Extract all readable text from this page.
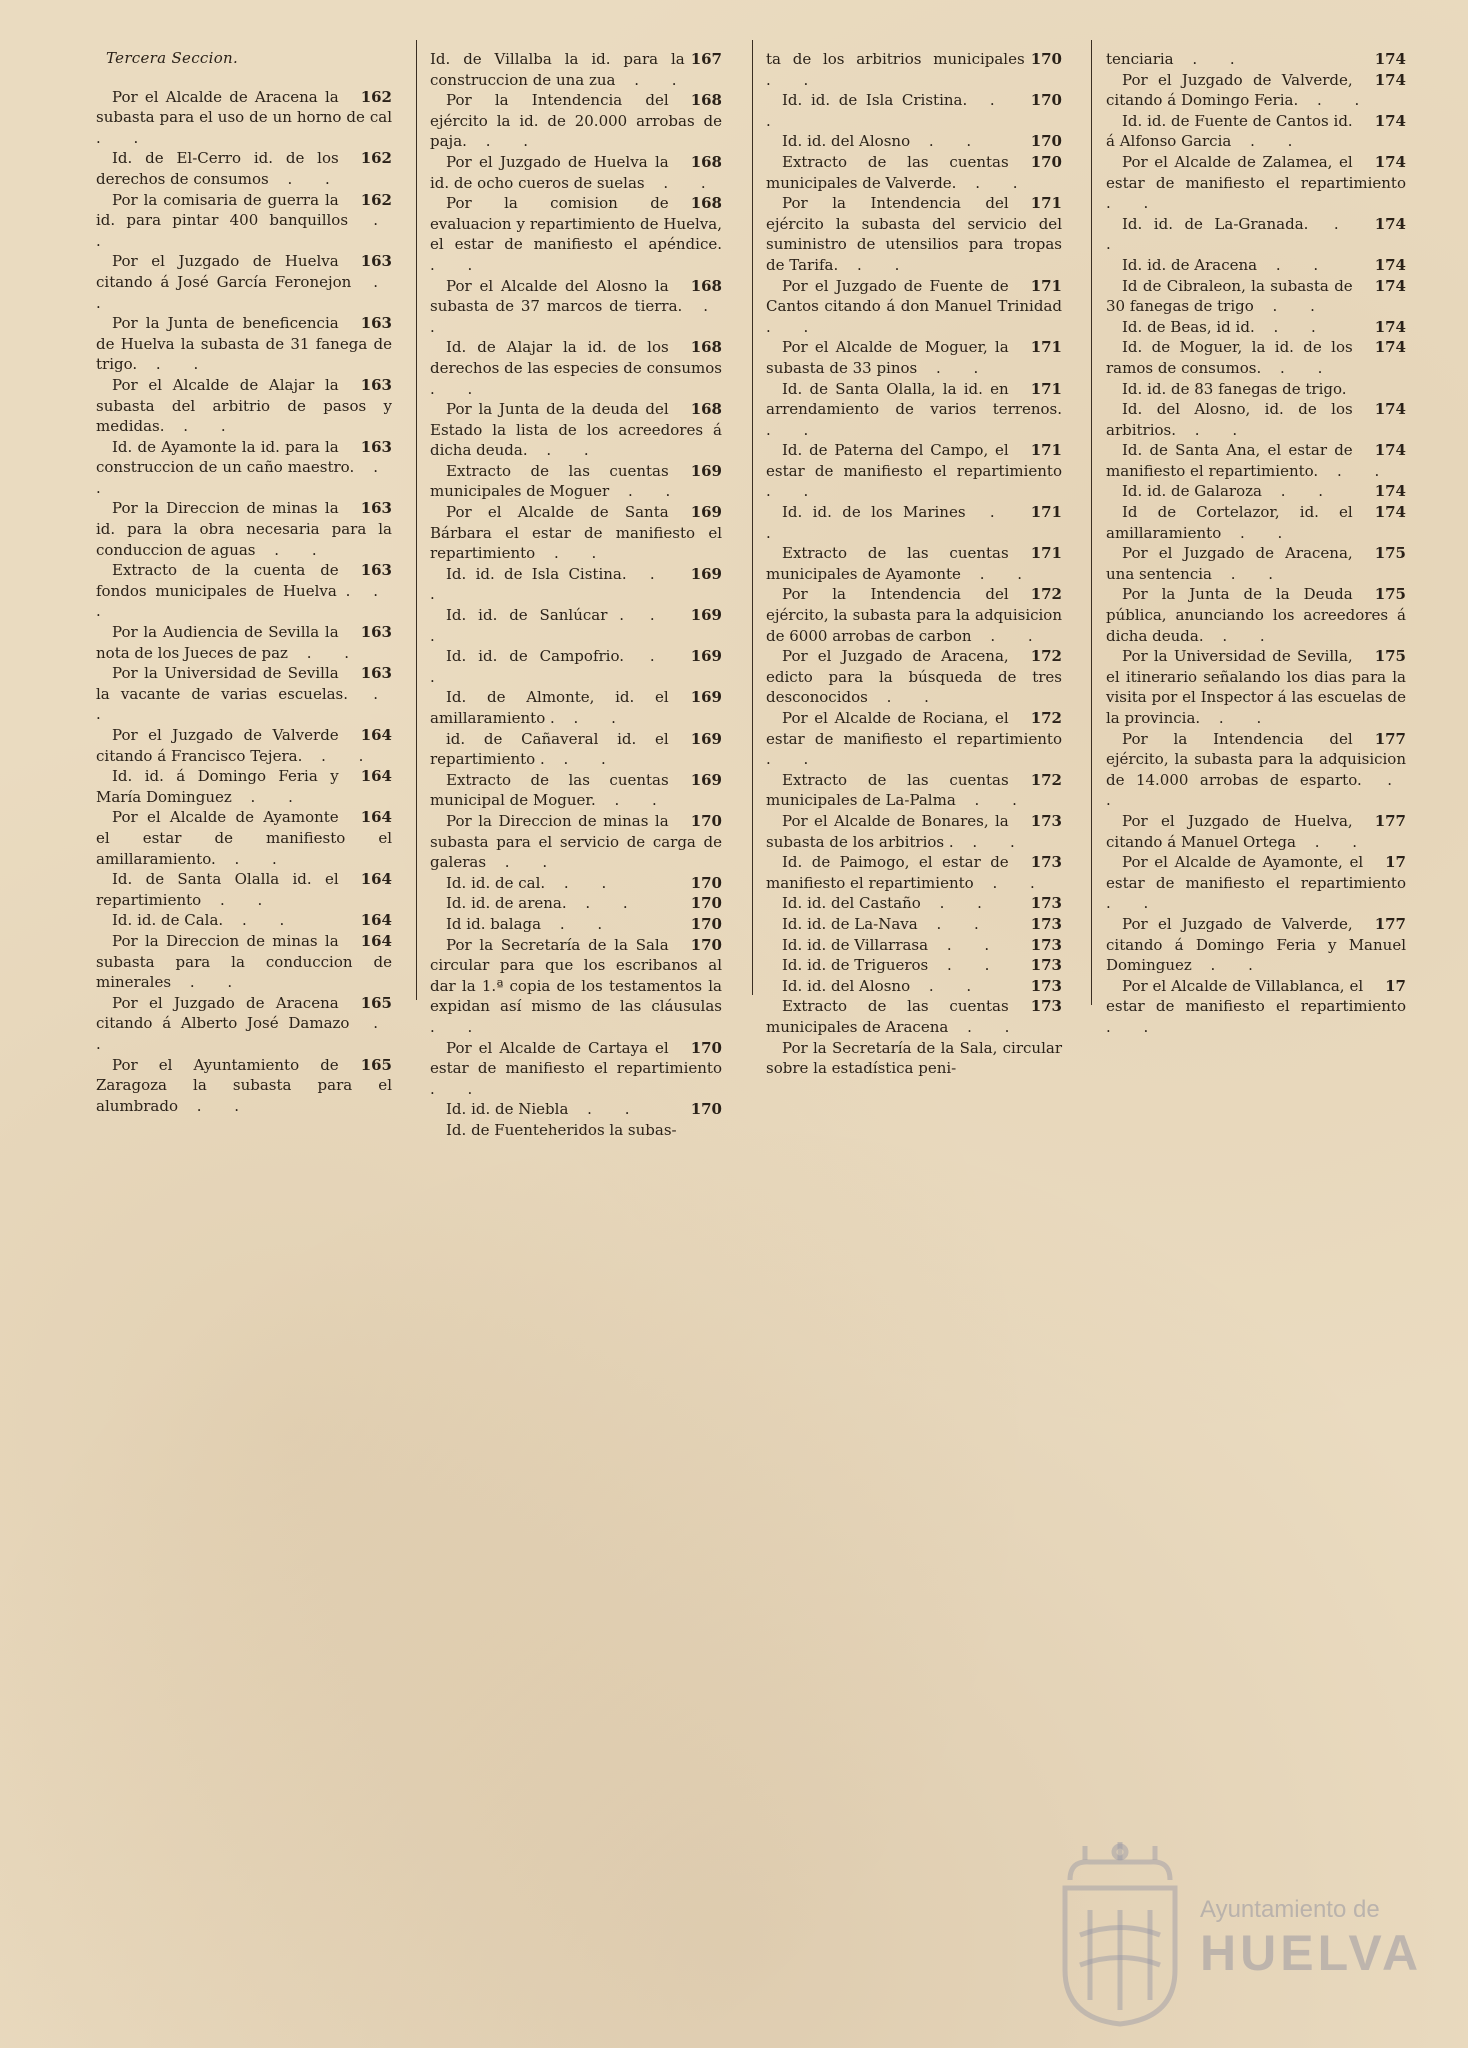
Tercera Seccion.

162
Por el Alcalde de Aracena la subasta para el uso de un horno de cal . .

162
Id. de El-Cerro id. de los derechos de consumos . .

162
Por la comisaria de guerra la id. para pintar 400 banquillos . .

163
Por el Juzgado de Huelva citando á José García Feronejon . .

163
Por la Junta de beneficencia de Huelva la subasta de 31 fanega de trigo. . .

163
Por el Alcalde de Alajar la subasta del arbitrio de pasos y medidas. . .

163
Id. de Ayamonte la id. para la construccion de un caño maestro. . .

163
Por la Direccion de minas la id. para la obra necesaria para la conduccion de aguas . .

163
Extracto de la cuenta de fondos municipales de Huelva . . .

163
Por la Audiencia de Sevilla la nota de los Jueces de paz . .

163
Por la Universidad de Sevilla la vacante de varias escuelas. . .

164
Por el Juzgado de Valverde citando á Francisco Tejera. . .

164
Id. id. á Domingo Feria y María Dominguez . .

164
Por el Alcalde de Ayamonte el estar de manifiesto el amillaramiento. . .

164
Id. de Santa Olalla id. el repartimiento . .

164
Id. id. de Cala. . .

164
Por la Direccion de minas la subasta para la conduccion de minerales . .

165
Por el Juzgado de Aracena citando á Alberto José Damazo . .

165
Por el Ayuntamiento de Zaragoza la subasta para el alumbrado . .

167
Id. de Villalba la id. para la construccion de una zua . .

168
Por la Intendencia del ejército la id. de 20.000 arrobas de paja. . .

168
Por el Juzgado de Huelva la id. de ocho cueros de suelas . .

168
Por la comision de evaluacion y repartimiento de Huelva, el estar de manifiesto el apéndice. . .

168
Por el Alcalde del Alosno la subasta de 37 marcos de tierra. . .

168
Id. de Alajar la id. de los derechos de las especies de consumos . .

168
Por la Junta de la deuda del Estado la lista de los acreedores á dicha deuda. . .

169
Extracto de las cuentas municipales de Moguer . .

169
Por el Alcalde de Santa Bárbara el estar de manifiesto el repartimiento . .

169
Id. id. de Isla Cistina. . .

169
Id. id. de Sanlúcar . . .

169
Id. id. de Campofrio. . .

169
Id. de Almonte, id. el amillaramiento . . .

169
id. de Cañaveral id. el repartimiento . . .

169
Extracto de las cuentas municipal de Moguer. . .

170
Por la Direccion de minas la subasta para el servicio de carga de galeras . .

170
Id. id. de cal. . .

170
Id. id. de arena. . .

170
Id id. balaga . .

170
Por la Secretaría de la Sala circular para que los escribanos al dar la 1.ª copia de los testamentos la expidan así mismo de las cláusulas . .

170
Por el Alcalde de Cartaya el estar de manifiesto el repartimiento . .

170
Id. id. de Niebla . .

Id. de Fuenteheridos la subas-

170
ta de los arbitrios municipales . .

170
Id. id. de Isla Cristina. . .

170
Id. id. del Alosno . .

170
Extracto de las cuentas municipales de Valverde. . .

171
Por la Intendencia del ejército la subasta del servicio del suministro de utensilios para tropas de Tarifa. . .

171
Por el Juzgado de Fuente de Cantos citando á don Manuel Trinidad . .

171
Por el Alcalde de Moguer, la subasta de 33 pinos . .

171
Id. de Santa Olalla, la id. en arrendamiento de varios terrenos. . .

171
Id. de Paterna del Campo, el estar de manifiesto el repartimiento . .

171
Id. id. de los Marines . .

171
Extracto de las cuentas municipales de Ayamonte . .

172
Por la Intendencia del ejército, la subasta para la adquisicion de 6000 arrobas de carbon . .

172
Por el Juzgado de Aracena, edicto para la búsqueda de tres desconocidos . .

172
Por el Alcalde de Rociana, el estar de manifiesto el repartimiento . .

172
Extracto de las cuentas municipales de La-Palma . .

173
Por el Alcalde de Bonares, la subasta de los arbitrios . . .

173
Id. de Paimogo, el estar de manifiesto el repartimiento . .

173
Id. id. del Castaño . .

173
Id. id. de La-Nava . .

173
Id. id. de Villarrasa . .

173
Id. id. de Trigueros . .

173
Id. id. del Alosno . .

173
Extracto de las cuentas municipales de Aracena . .

Por la Secretaría de la Sala, circular sobre la estadística peni-

174
tenciaria . .

174
Por el Juzgado de Valverde, citando á Domingo Feria. . .

174
Id. id. de Fuente de Cantos id. á Alfonso Garcia . .

174
Por el Alcalde de Zalamea, el estar de manifiesto el repartimiento . .

174
Id. id. de La-Granada. . .

174
Id. id. de Aracena . .

174
Id de Cibraleon, la subasta de 30 fanegas de trigo . .

174
Id. de Beas, id id. . .

174
Id. de Moguer, la id. de los ramos de consumos. . .

Id. id. de 83 fanegas de trigo.

174
Id. del Alosno, id. de los arbitrios. . .

174
Id. de Santa Ana, el estar de manifiesto el repartimiento. . .

174
Id. id. de Galaroza . .

174
Id de Cortelazor, id. el amillaramiento . .

175
Por el Juzgado de Aracena, una sentencia . .

175
Por la Junta de la Deuda pública, anunciando los acreedores á dicha deuda. . .

175
Por la Universidad de Sevilla, el itinerario señalando los dias para la visita por el Inspector á las escuelas de la provincia. . .

177
Por la Intendencia del ejército, la subasta para la adquisicion de 14.000 arrobas de esparto. . .

177
Por el Juzgado de Huelva, citando á Manuel Ortega . .

17
Por el Alcalde de Ayamonte, el estar de manifiesto el repartimiento . .

177
Por el Juzgado de Valverde, citando á Domingo Feria y Manuel Dominguez . .

17
Por el Alcalde de Villablanca, el estar de manifiesto el repartimiento . .

Ayuntamiento de
HUELVA
